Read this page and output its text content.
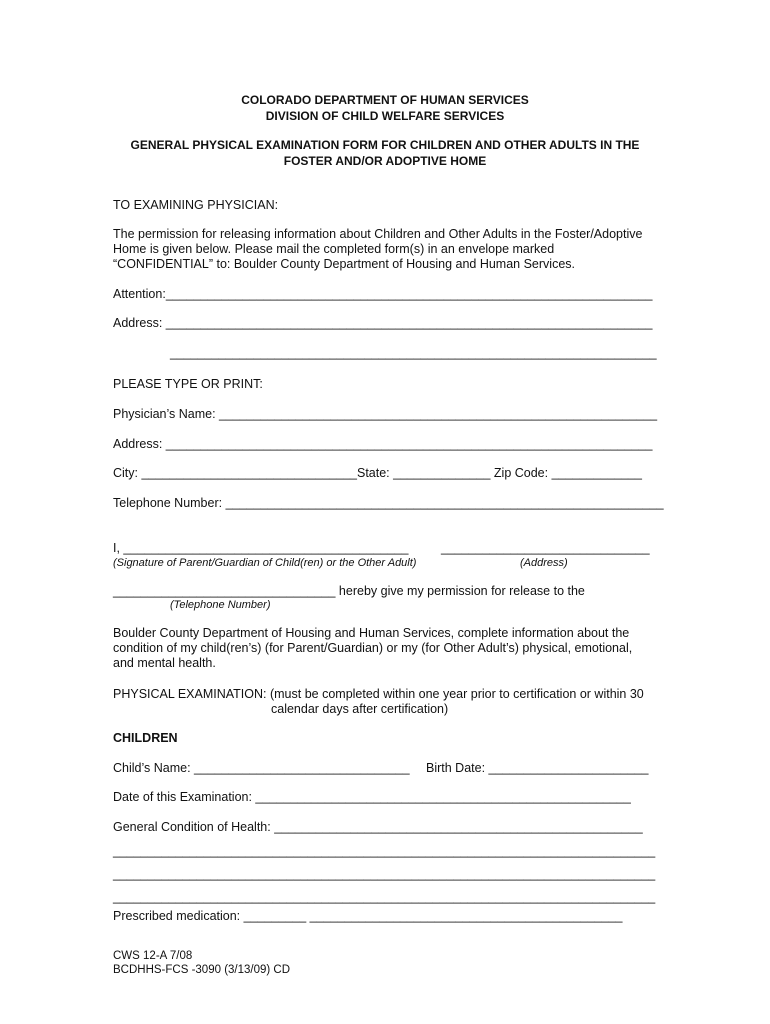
COLORADO DEPARTMENT OF HUMAN SERVICES
DIVISION OF CHILD WELFARE SERVICES
GENERAL PHYSICAL EXAMINATION FORM FOR CHILDREN AND OTHER ADULTS IN THE
FOSTER AND/OR ADOPTIVE HOME
TO EXAMINING PHYSICIAN:
The permission for releasing information about Children and Other Adults in the Foster/Adoptive
Home is given below. Please mail the completed form(s) in an envelope marked
“CONFIDENTIAL” to: Boulder County Department of Housing and Human Services.
Attention:______________________________________________________________________
Address: ______________________________________________________________________
______________________________________________________________________
PLEASE TYPE OR PRINT:
Physician’s Name: _______________________________________________________________
Address: ______________________________________________________________________
City: _______________________________State: ______________ Zip Code: _____________
Telephone Number: _______________________________________________________________
I, _________________________________________	______________________________
(Signature of Parent/Guardian of Child(ren) or the Other Adult)	(Address)
________________________________ hereby give my permission for release to the
(Telephone Number)
Boulder County Department of Housing and Human Services, complete information about the
condition of my child(ren’s) (for Parent/Guardian) or my (for Other Adult’s) physical, emotional,
and mental health.
PHYSICAL EXAMINATION: (must be completed within one year prior to certification or within 30
calendar days after certification)
CHILDREN
Child’s Name: _______________________________ Birth Date: _______________________
Date of this Examination: ______________________________________________________
General Condition of Health: _____________________________________________________
______________________________________________________________________________
______________________________________________________________________________
______________________________________________________________________________
Prescribed medication: _________ _____________________________________________
CWS 12-A 7/08
BCDHHS-FCS -3090 (3/13/09) CD
